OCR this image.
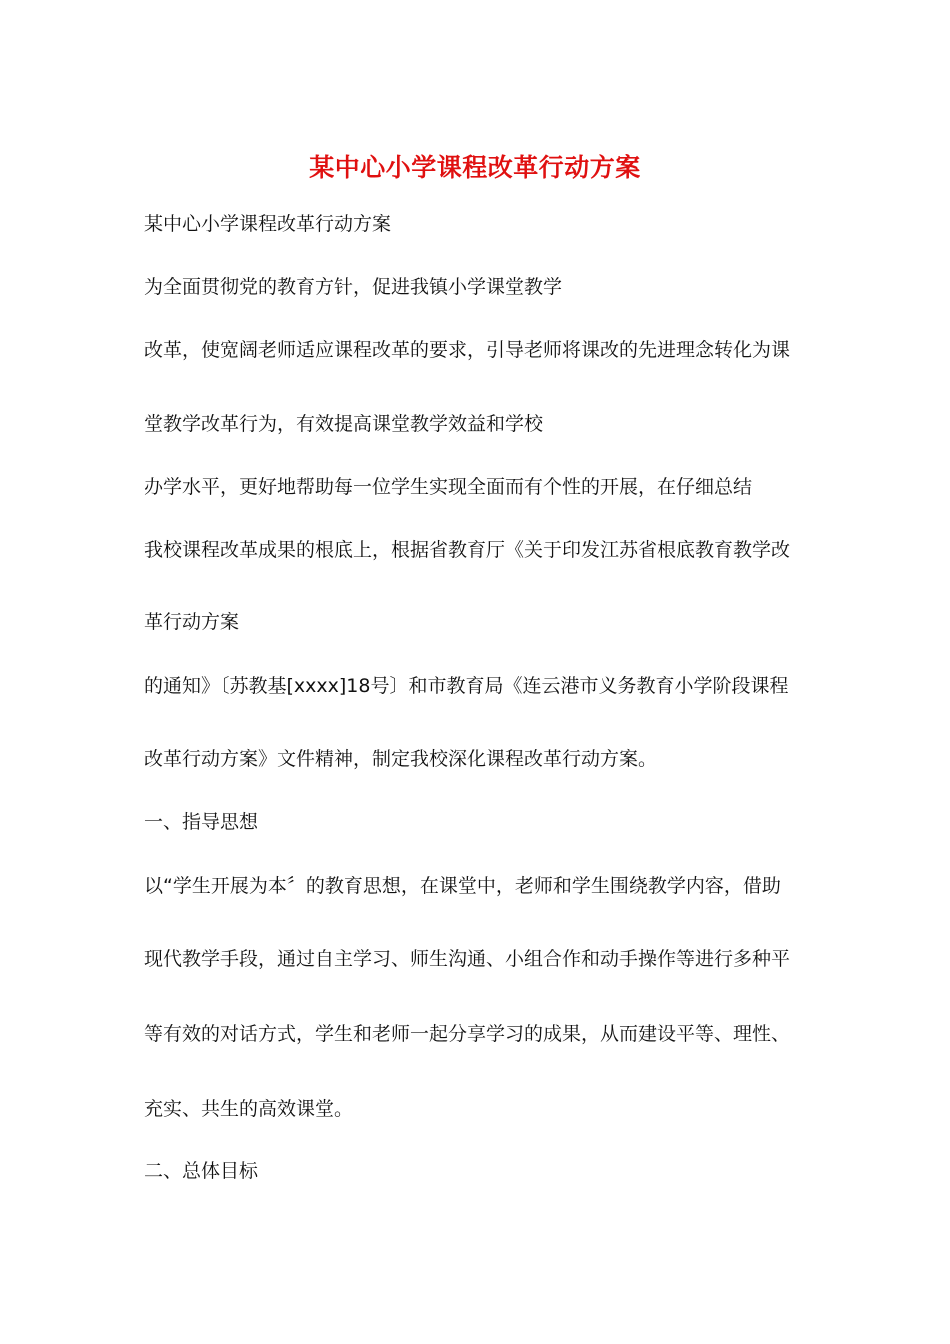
某中心小学课程改革行动方案
某中心小学课程改革行动方案
为全面贯彻党的教育方针，促进我镇小学课堂教学
改革，使宽阔老师适应课程改革的要求，引导老师将课改的先进理念转化为课
堂教学改革行为，有效提高课堂教学效益和学校
办学水平，更好地帮助每一位学生实现全面而有个性的开展，在仔细总结
我校课程改革成果的根底上，根据省教育厅《关于印发江苏省根底教育教学改
革行动方案
的通知》〔苏教基[xxxx]18号〕和市教育局《连云港市义务教育小学阶段课程
改革行动方案》文件精神，制定我校深化课程改革行动方案。
一、指导思想
以“学生开展为本〞的教育思想，在课堂中，老师和学生围绕教学内容，借助
现代教学手段，通过自主学习、师生沟通、小组合作和动手操作等进行多种平
等有效的对话方式，学生和老师一起分享学习的成果，从而建设平等、理性、
充实、共生的高效课堂。
二、总体目标
